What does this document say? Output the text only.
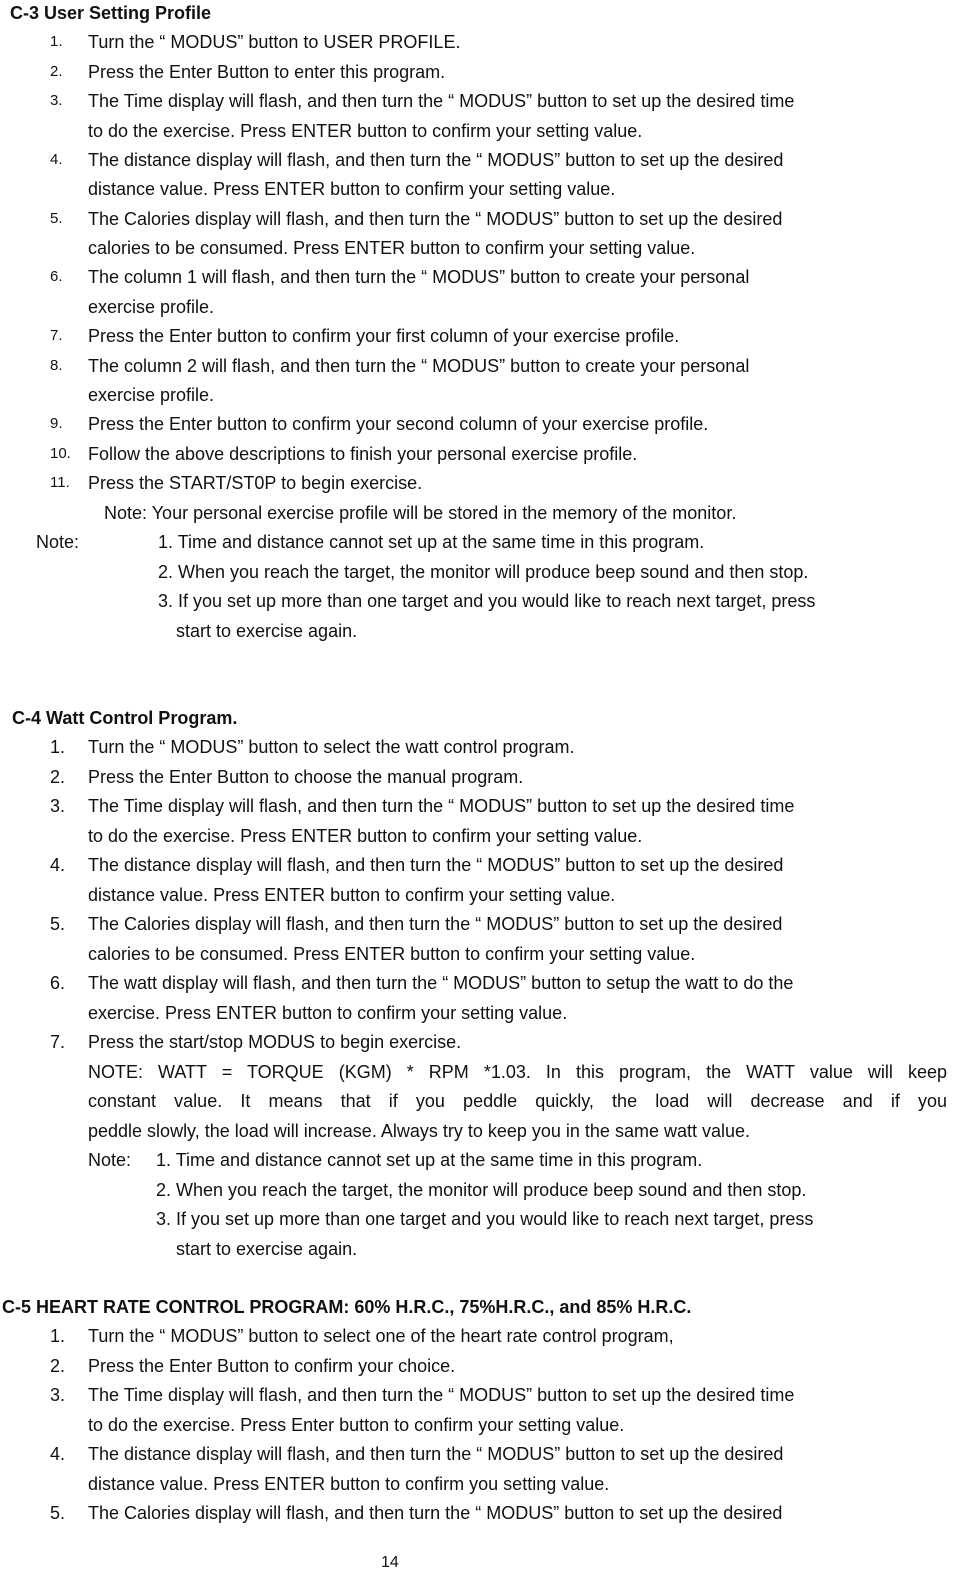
C-3 User Setting Profile
1. Turn the “ MODUS” button to USER PROFILE.
2. Press the Enter Button to enter this program.
3. The Time display will flash, and then turn the “ MODUS” button to set up the desired time
to do the exercise. Press ENTER button to confirm your setting value.
4. The distance display will flash, and then turn the “ MODUS” button to set up the desired
distance value. Press ENTER button to confirm your setting value.
5. The Calories display will flash, and then turn the “ MODUS” button to set up the desired
calories to be consumed. Press ENTER button to confirm your setting value.
6. The column 1 will flash, and then turn the “ MODUS” button to create your personal
exercise profile.
7. Press the Enter button to confirm your first column of your exercise profile.
8. The column 2 will flash, and then turn the “ MODUS” button to create your personal
exercise profile.
9. Press the Enter button to confirm your second column of your exercise profile.
10. Follow the above descriptions to finish your personal exercise profile.
11. Press the START/ST0P to begin exercise.
Note: Your personal exercise profile will be stored in the memory of the monitor.
Note:	1. Time and distance cannot set up at the same time in this program.
2. When you reach the target, the monitor will produce beep sound and then stop.
3. If you set up more than one target and you would like to reach next target, press
start to exercise again.
C-4 Watt Control Program.
1. Turn the “ MODUS” button to select the watt control program.
2. Press the Enter Button to choose the manual program.
3. The Time display will flash, and then turn the “ MODUS” button to set up the desired time
to do the exercise. Press ENTER button to confirm your setting value.
4. The distance display will flash, and then turn the “ MODUS” button to set up the desired
distance value. Press ENTER button to confirm your setting value.
5. The Calories display will flash, and then turn the “ MODUS” button to set up the desired
calories to be consumed. Press ENTER button to confirm your setting value.
6. The watt display will flash, and then turn the “ MODUS” button to setup the watt to do the
exercise. Press ENTER button to confirm your setting value.
7. Press the start/stop MODUS to begin exercise.
NOTE: WATT = TORQUE (KGM) * RPM *1.03. In this program, the WATT value will keep
constant value. It means that if you peddle quickly, the load will decrease and if you
peddle slowly, the load will increase. Always try to keep you in the same watt value.
Note: 1. Time and distance cannot set up at the same time in this program.
2. When you reach the target, the monitor will produce beep sound and then stop.
3. If you set up more than one target and you would like to reach next target, press
start to exercise again.
C-5 HEART RATE CONTROL PROGRAM: 60% H.R.C., 75%H.R.C., and 85% H.R.C.
1. Turn the “ MODUS” button to select one of the heart rate control program,
2. Press the Enter Button to confirm your choice.
3. The Time display will flash, and then turn the “ MODUS” button to set up the desired time
to do the exercise. Press Enter button to confirm your setting value.
4. The distance display will flash, and then turn the “ MODUS” button to set up the desired
distance value. Press ENTER button to confirm you setting value.
5. The Calories display will flash, and then turn the “ MODUS” button to set up the desired
14
